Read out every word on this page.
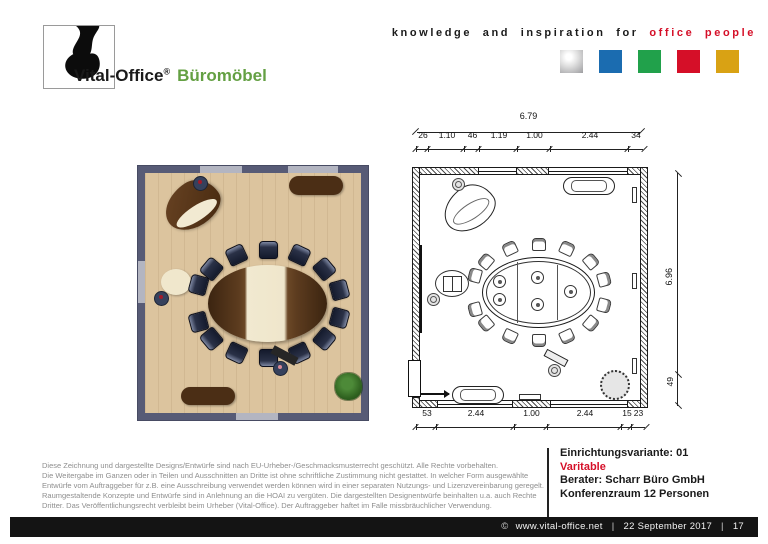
Vital-Office® Büromöbel
knowledge and inspiration for office people
6.79
26	1.10	46	1.19	1.00	2.44	34
53	2.44	1.00	2.44	15 23
6.96
49
Einrichtungsvariante: 01
Varitable
Berater: Scharr Büro GmbH
Konferenzraum 12 Personen
Diese Zeichnung und dargestellte Designs/Entwürfe sind nach EU-Urheber-/Geschmacksmusterrecht geschützt. Alle Rechte vorbehalten.
Die Weitergabe im Ganzen oder in Teilen und Ausschnitten an Dritte ist ohne schriftliche Zustimmung nicht gestattet. In welcher Form ausgewählte
Entwürfe vom Auftraggeber für z.B. eine Ausschreibung verwendet werden können wird in einer separaten Nutzungs- und Lizenzvereinbarung geregelt.
Raumgestaltende Konzepte und Entwürfe sind in Anlehnung an die HOAI zu vergüten. Die dargestellten Designentwürfe beinhalten u.a. auch Rechte
Dritter. Das Veröffentlichungsrecht verbleibt beim Urheber (Vital-Office). Der Auftraggeber haftet im Falle missbräuchlicher Verwendung.
© www.vital-office.net | 22 September 2017 | 17
